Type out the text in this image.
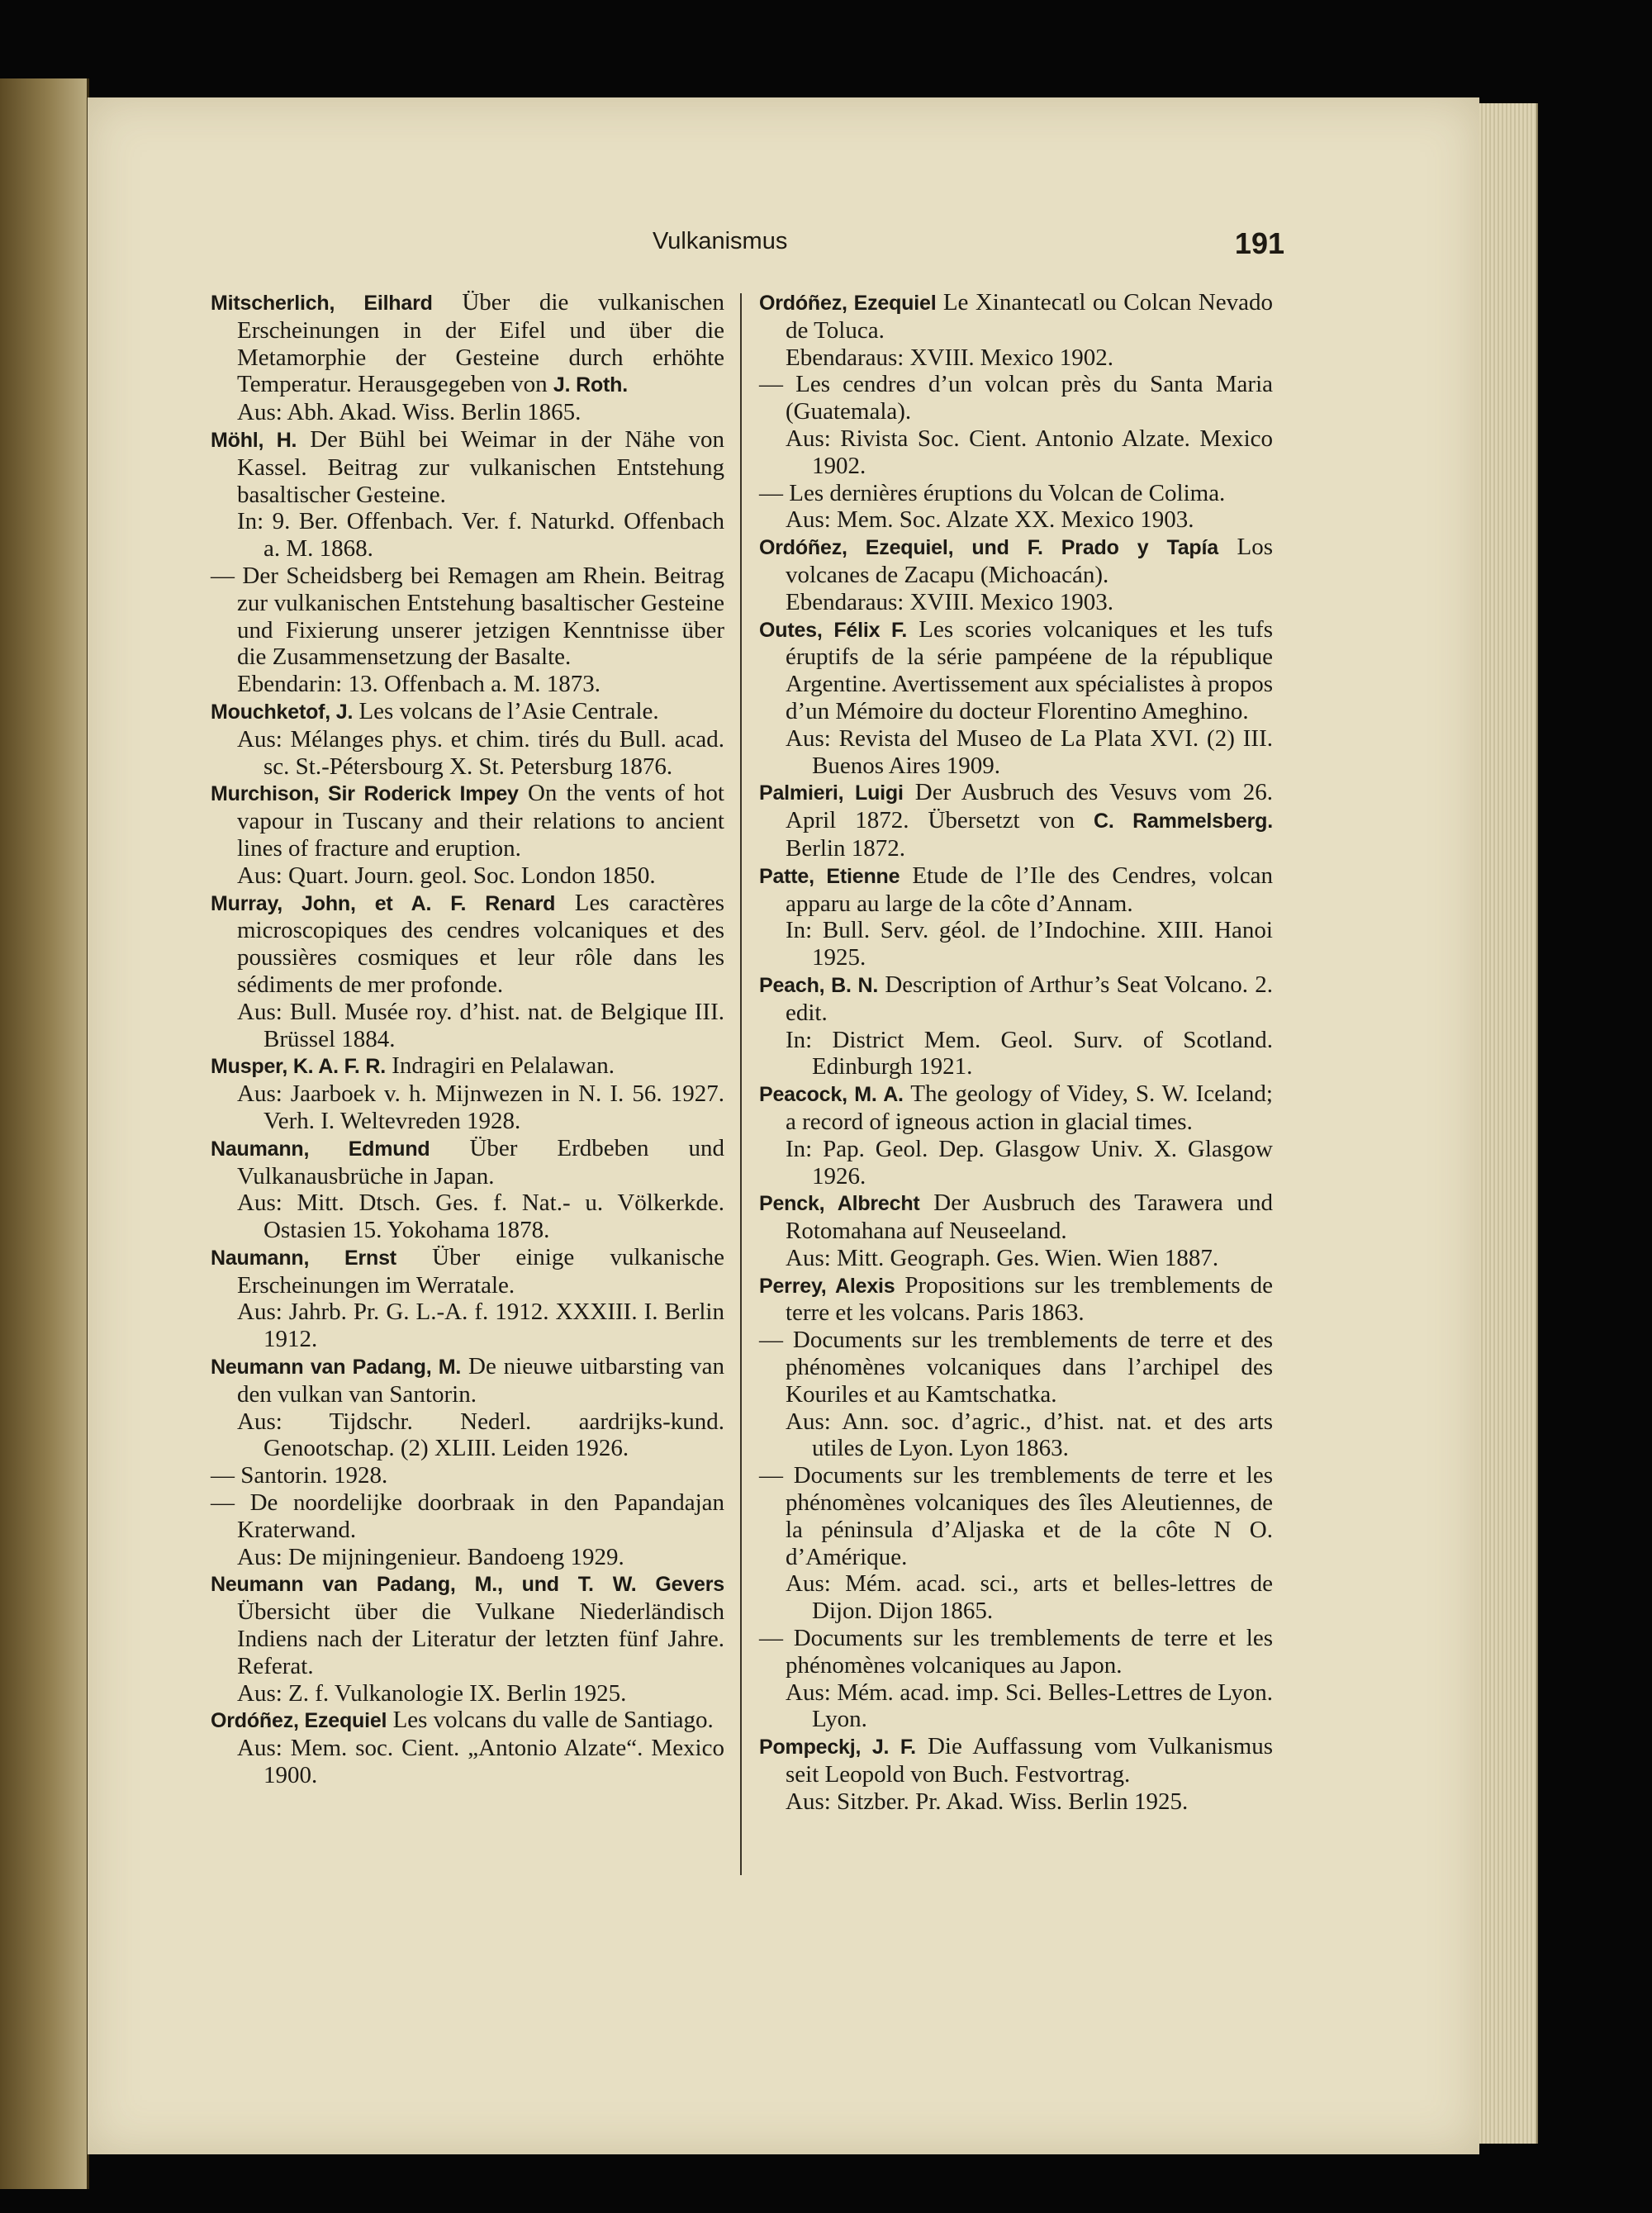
Vulkanismus	191

Mitscherlich, Eilhard Über die vulkanischen Erscheinungen in der Eifel und über die Metamorphie der Gesteine durch erhöhte Temperatur. Herausgegeben von J. Roth.

Aus: Abh. Akad. Wiss. Berlin 1865.

Möhl, H. Der Bühl bei Weimar in der Nähe von Kassel. Beitrag zur vulkanischen Entstehung basaltischer Gesteine.

In: 9. Ber. Offenbach. Ver. f. Naturkd. Offenbach a. M. 1868.

— Der Scheidsberg bei Remagen am Rhein. Beitrag zur vulkanischen Entstehung basaltischer Gesteine und Fixierung unserer jetzigen Kenntnisse über die Zusammensetzung der Basalte.

Ebendarin: 13. Offenbach a. M. 1873.

Mouchketof, J. Les volcans de l’Asie Centrale.

Aus: Mélanges phys. et chim. tirés du Bull. acad. sc. St.-Pétersbourg X. St. Petersburg 1876.

Murchison, Sir Roderick Impey On the vents of hot vapour in Tuscany and their relations to ancient lines of fracture and eruption.

Aus: Quart. Journ. geol. Soc. London 1850.

Murray, John, et A. F. Renard Les caractères microscopiques des cendres volcaniques et des poussières cosmiques et leur rôle dans les sédiments de mer profonde.

Aus: Bull. Musée roy. d’hist. nat. de Belgique III. Brüssel 1884.

Musper, K. A. F. R. Indragiri en Pelalawan.

Aus: Jaarboek v. h. Mijnwezen in N. I. 56. 1927. Verh. I. Weltevreden 1928.

Naumann, Edmund Über Erdbeben und Vulkanausbrüche in Japan.

Aus: Mitt. Dtsch. Ges. f. Nat.- u. Völkerkde. Ostasien 15. Yokohama 1878.

Naumann, Ernst Über einige vulkanische Erscheinungen im Werratale.

Aus: Jahrb. Pr. G. L.-A. f. 1912. XXXIII. I. Berlin 1912.

Neumann van Padang, M. De nieuwe uitbarsting van den vulkan van Santorin.

Aus: Tijdschr. Nederl. aardrijks-kund. Genootschap. (2) XLIII. Leiden 1926.

— Santorin. 1928.

— De noordelijke doorbraak in den Papandajan Kraterwand.

Aus: De mijningenieur. Bandoeng 1929.

Neumann van Padang, M., und T. W. Gevers Übersicht über die Vulkane Niederländisch Indiens nach der Literatur der letzten fünf Jahre. Referat.

Aus: Z. f. Vulkanologie IX. Berlin 1925.

Ordóñez, Ezequiel Les volcans du valle de Santiago.

Aus: Mem. soc. Cient. „Antonio Alzate“. Mexico 1900.

Ordóñez, Ezequiel Le Xinantecatl ou Colcan Nevado de Toluca.

Ebendaraus: XVIII. Mexico 1902.

— Les cendres d’un volcan près du Santa Maria (Guatemala).

Aus: Rivista Soc. Cient. Antonio Alzate. Mexico 1902.

— Les dernières éruptions du Volcan de Colima.

Aus: Mem. Soc. Alzate XX. Mexico 1903.

Ordóñez, Ezequiel, und F. Prado y Tapía Los volcanes de Zacapu (Michoacán).

Ebendaraus: XVIII. Mexico 1903.

Outes, Félix F. Les scories volcaniques et les tufs éruptifs de la série pampéene de la république Argentine. Avertissement aux spécialistes à propos d’un Mémoire du docteur Florentino Ameghino.

Aus: Revista del Museo de La Plata XVI. (2) III. Buenos Aires 1909.

Palmieri, Luigi Der Ausbruch des Vesuvs vom 26. April 1872. Übersetzt von C. Rammelsberg. Berlin 1872.

Patte, Etienne Etude de l’Ile des Cendres, volcan apparu au large de la côte d’Annam.

In: Bull. Serv. géol. de l’Indochine. XIII. Hanoi 1925.

Peach, B. N. Description of Arthur’s Seat Volcano. 2. edit.

In: District Mem. Geol. Surv. of Scotland. Edinburgh 1921.

Peacock, M. A. The geology of Videy, S. W. Iceland; a record of igneous action in glacial times.

In: Pap. Geol. Dep. Glasgow Univ. X. Glasgow 1926.

Penck, Albrecht Der Ausbruch des Tarawera und Rotomahana auf Neuseeland.

Aus: Mitt. Geograph. Ges. Wien. Wien 1887.

Perrey, Alexis Propositions sur les tremblements de terre et les volcans. Paris 1863.

— Documents sur les tremblements de terre et des phénomènes volcaniques dans l’archipel des Kouriles et au Kamtschatka.

Aus: Ann. soc. d’agric., d’hist. nat. et des arts utiles de Lyon. Lyon 1863.

— Documents sur les tremblements de terre et les phénomènes volcaniques des îles Aleutiennes, de la péninsula d’Aljaska et de la côte N O. d’Amérique.

Aus: Mém. acad. sci., arts et belles-lettres de Dijon. Dijon 1865.

— Documents sur les tremblements de terre et les phénomènes volcaniques au Japon.

Aus: Mém. acad. imp. Sci. Belles-Lettres de Lyon. Lyon.

Pompeckj, J. F. Die Auffassung vom Vulkanismus seit Leopold von Buch. Festvortrag.

Aus: Sitzber. Pr. Akad. Wiss. Berlin 1925.
